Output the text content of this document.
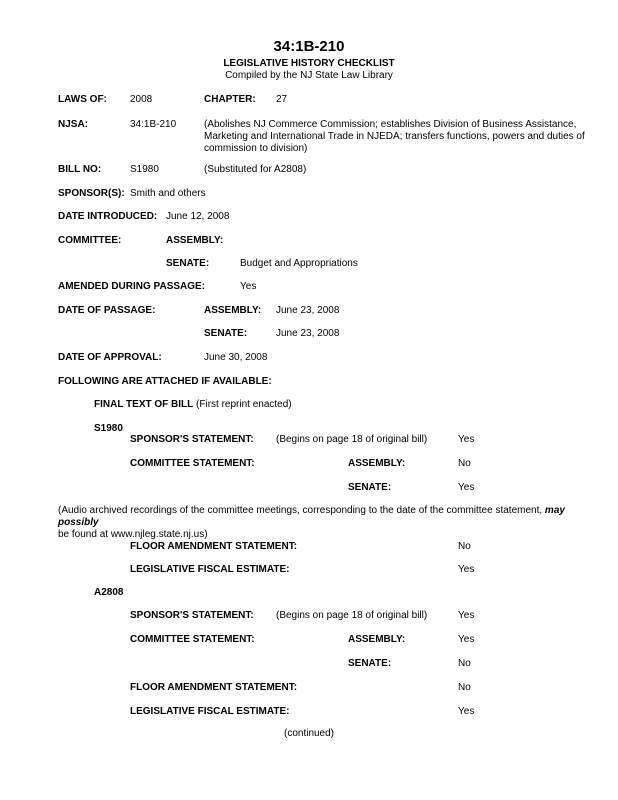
34:1B-210
LEGISLATIVE HISTORY CHECKLIST
Compiled by the NJ State Law Library
LAWS OF: 2008	CHAPTER: 27
NJSA:	34:1B-210	(Abolishes NJ Commerce Commission; establishes Division of Business Assistance, Marketing and International Trade in NJEDA; transfers functions, powers and duties of commission to division)
BILL NO:	S1980	(Substituted for A2808)
SPONSOR(S): Smith and others
DATE INTRODUCED: June 12, 2008
COMMITTEE:	ASSEMBLY:
SENATE:	Budget and Appropriations
AMENDED DURING PASSAGE:	Yes
DATE OF PASSAGE:	ASSEMBLY: June 23, 2008
SENATE:	June 23, 2008
DATE OF APPROVAL:	June 30, 2008
FOLLOWING ARE ATTACHED IF AVAILABLE:
FINAL TEXT OF BILL (First reprint enacted)
S1980
SPONSOR'S STATEMENT: (Begins on page 18 of original bill)	Yes
COMMITTEE STATEMENT:	ASSEMBLY:	No
SENATE:	Yes
(Audio archived recordings of the committee meetings, corresponding to the date of the committee statement, may possibly
be found at www.njleg.state.nj.us)
FLOOR AMENDMENT STATEMENT:	No
LEGISLATIVE FISCAL ESTIMATE:	Yes
A2808
SPONSOR'S STATEMENT: (Begins on page 18 of original bill)	Yes
COMMITTEE STATEMENT:	ASSEMBLY:	Yes
SENATE:	No
FLOOR AMENDMENT STATEMENT:	No
LEGISLATIVE FISCAL ESTIMATE:	Yes
(continued)
